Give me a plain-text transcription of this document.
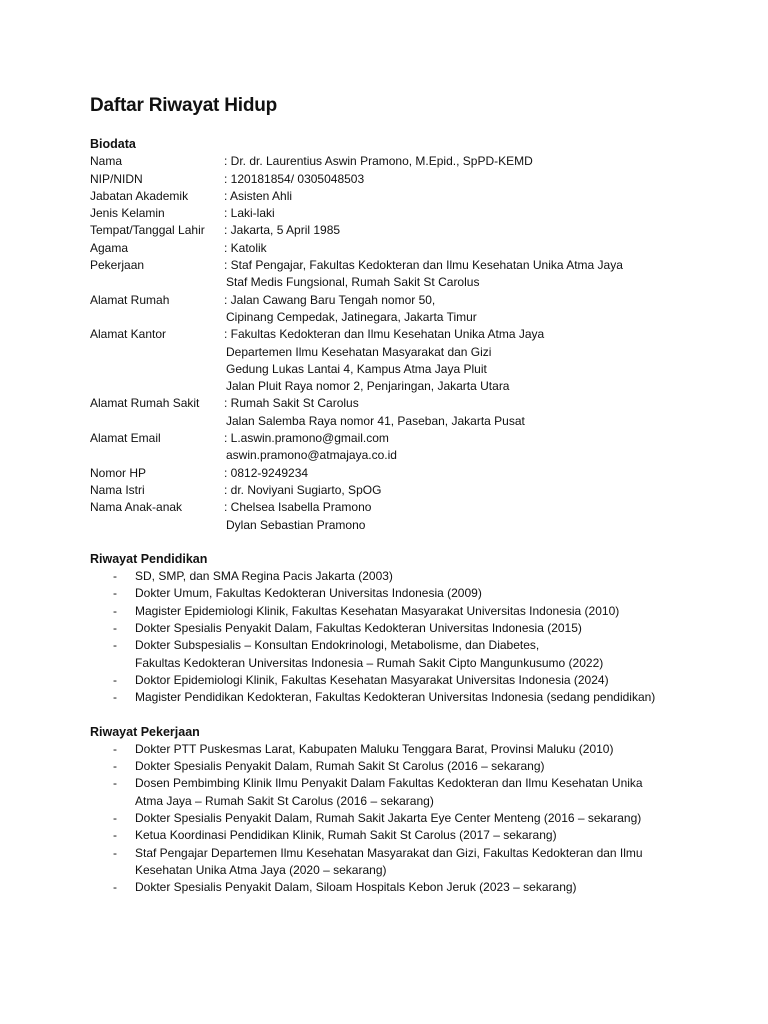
Daftar Riwayat Hidup
Biodata
Nama	: Dr. dr. Laurentius Aswin Pramono, M.Epid., SpPD-KEMD
NIP/NIDN	: 120181854/ 0305048503
Jabatan Akademik	: Asisten Ahli
Jenis Kelamin	: Laki-laki
Tempat/Tanggal Lahir	: Jakarta, 5 April 1985
Agama	: Katolik
Pekerjaan	: Staf Pengajar, Fakultas Kedokteran dan Ilmu Kesehatan Unika Atma Jaya
Staf Medis Fungsional, Rumah Sakit St Carolus
Alamat Rumah	: Jalan Cawang Baru Tengah nomor 50,
Cipinang Cempedak, Jatinegara, Jakarta Timur
Alamat Kantor	: Fakultas Kedokteran dan Ilmu Kesehatan Unika Atma Jaya
Departemen Ilmu Kesehatan Masyarakat dan Gizi
Gedung Lukas Lantai 4, Kampus Atma Jaya Pluit
Jalan Pluit Raya nomor 2, Penjaringan, Jakarta Utara
Alamat Rumah Sakit	: Rumah Sakit St Carolus
Jalan Salemba Raya nomor 41, Paseban, Jakarta Pusat
Alamat Email	: L.aswin.pramono@gmail.com
aswin.pramono@atmajaya.co.id
Nomor HP	: 0812-9249234
Nama Istri	: dr. Noviyani Sugiarto, SpOG
Nama Anak-anak	: Chelsea Isabella Pramono
Dylan Sebastian Pramono
Riwayat Pendidikan
-	SD, SMP, dan SMA Regina Pacis Jakarta (2003)
-	Dokter Umum, Fakultas Kedokteran Universitas Indonesia (2009)
-	Magister Epidemiologi Klinik, Fakultas Kesehatan Masyarakat Universitas Indonesia (2010)
-	Dokter Spesialis Penyakit Dalam, Fakultas Kedokteran Universitas Indonesia (2015)
-	Dokter Subspesialis – Konsultan Endokrinologi, Metabolisme, dan Diabetes,
Fakultas Kedokteran Universitas Indonesia – Rumah Sakit Cipto Mangunkusumo (2022)
-	Doktor Epidemiologi Klinik, Fakultas Kesehatan Masyarakat Universitas Indonesia (2024)
-	Magister Pendidikan Kedokteran, Fakultas Kedokteran Universitas Indonesia (sedang pendidikan)
Riwayat Pekerjaan
-	Dokter PTT Puskesmas Larat, Kabupaten Maluku Tenggara Barat, Provinsi Maluku (2010)
-	Dokter Spesialis Penyakit Dalam, Rumah Sakit St Carolus (2016 – sekarang)
-	Dosen Pembimbing Klinik Ilmu Penyakit Dalam Fakultas Kedokteran dan Ilmu Kesehatan Unika
Atma Jaya – Rumah Sakit St Carolus (2016 – sekarang)
-	Dokter Spesialis Penyakit Dalam, Rumah Sakit Jakarta Eye Center Menteng (2016 – sekarang)
-	Ketua Koordinasi Pendidikan Klinik, Rumah Sakit St Carolus (2017 – sekarang)
-	Staf Pengajar Departemen Ilmu Kesehatan Masyarakat dan Gizi, Fakultas Kedokteran dan Ilmu
Kesehatan Unika Atma Jaya (2020 – sekarang)
-	Dokter Spesialis Penyakit Dalam, Siloam Hospitals Kebon Jeruk (2023 – sekarang)
